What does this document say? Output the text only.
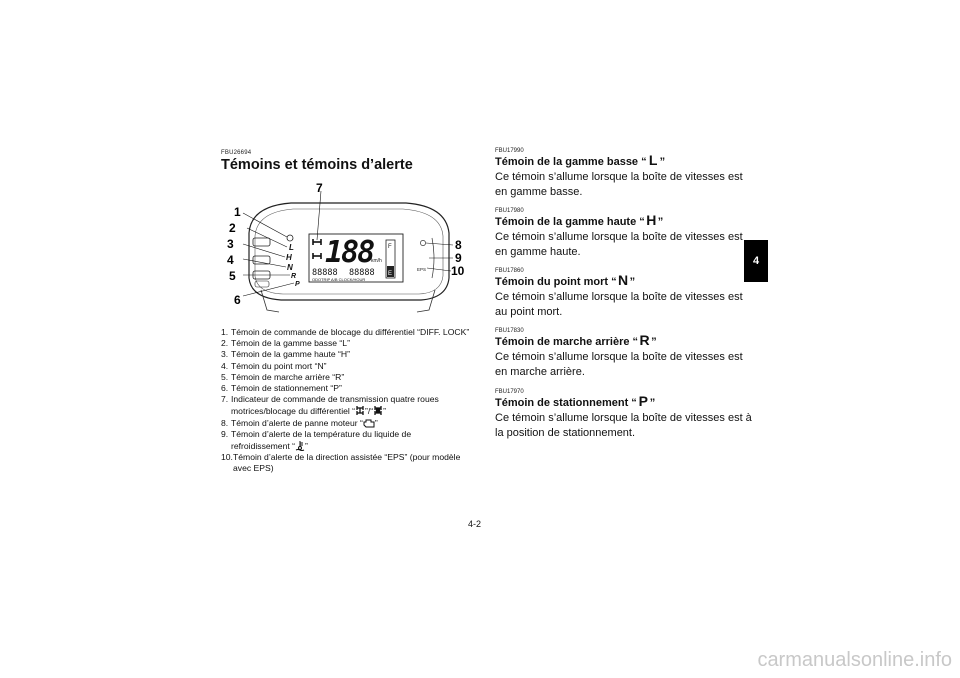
FBU26694
Témoins et témoins d’alerte
F
E
188
km/h
88888 88888
ODOTRIP A/B CLOCK/HOUR
L
H
N
R
P
EPS
7
1
2
3
4
5
6
8
9
10
1. Témoin de commande de blocage du différentiel “DIFF. LOCK”
2. Témoin de la gamme basse “L”
3. Témoin de la gamme haute “H”
4. Témoin du point mort “N”
5. Témoin de marche arrière “R”
6. Témoin de stationnement “P”
7. Indicateur de commande de transmission quatre roues motrices/blocage du différentiel “ ”/“ ”
8. Témoin d’alerte de panne moteur “ ”
9. Témoin d’alerte de la température du liquide de refroidissement “ ”
10. Témoin d’alerte de la direction assistée “EPS” (pour modèle avec EPS)
FBU17990
Témoin de la gamme basse “ L ”

Ce témoin s’allume lorsque la boîte de vitesses est en gamme basse.

FBU17980
Témoin de la gamme haute “H”

Ce témoin s’allume lorsque la boîte de vitesses est en gamme haute.

FBU17860
Témoin du point mort “N”

Ce témoin s’allume lorsque la boîte de vitesses est au point mort.

FBU17830
Témoin de marche arrière “R”

Ce témoin s’allume lorsque la boîte de vitesses est en marche arrière.

FBU17970
Témoin de stationnement “ P ”

Ce témoin s’allume lorsque la boîte de vitesses est à la position de stationnement.

4
4-2
carmanualsonline.info
